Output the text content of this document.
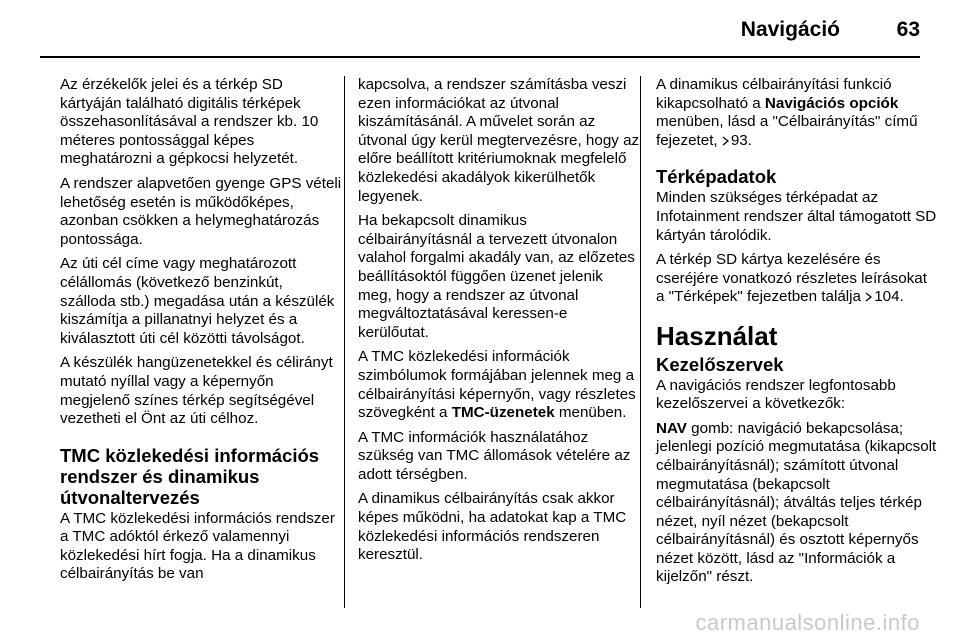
Navigáció	63

Az érzékelők jelei és a térkép SD kártyáján található digitális térképek összehasonlításával a rendszer kb. 10 méteres pontossággal képes meghatározni a gépkocsi helyzetét.

A rendszer alapvetően gyenge GPS vételi lehetőség esetén is működőképes, azonban csökken a helymeghatározás pontossága.

Az úti cél címe vagy meghatározott célállomás (következő benzinkút, szálloda stb.) megadása után a készülék kiszámítja a pillanatnyi helyzet és a kiválasztott úti cél közötti távolságot.

A készülék hangüzenetekkel és célirányt mutató nyíllal vagy a képernyőn megjelenő színes térkép segítségével vezetheti el Önt az úti célhoz.

TMC közlekedési információs rendszer és dinamikus útvonaltervezés

A TMC közlekedési információs rendszer a TMC adóktól érkező valamennyi közlekedési hírt fogja. Ha a dinamikus célbairányítás be van

kapcsolva, a rendszer számításba veszi ezen információkat az útvonal kiszámításánál. A művelet során az útvonal úgy kerül megtervezésre, hogy az előre beállított kritériumoknak megfelelő közlekedési akadályok kikerülhetők legyenek.

Ha bekapcsolt dinamikus célbairányításnál a tervezett útvonalon valahol forgalmi akadály van, az előzetes beállításoktól függően üzenet jelenik meg, hogy a rendszer az útvonal megváltoztatásával keressen-e kerülőutat.

A TMC közlekedési információk szimbólumok formájában jelennek meg a célbairányítási képernyőn, vagy részletes szövegként a TMC-üzenetek menüben.

A TMC információk használatához szükség van TMC állomások vételére az adott térségben.

A dinamikus célbairányítás csak akkor képes működni, ha adatokat kap a TMC közlekedési információs rendszeren keresztül.

A dinamikus célbairányítási funkció kikapcsolható a Navigációs opciók menüben, lásd a "Célbairányítás" című fejezetet, 93.

Térképadatok

Minden szükséges térképadat az Infotainment rendszer által támogatott SD kártyán tárolódik.

A térkép SD kártya kezelésére és cseréjére vonatkozó részletes leírásokat a "Térképek" fejezetben találja 104.

Használat
Kezelőszervek

A navigációs rendszer legfontosabb kezelőszervei a következők:

NAV gomb: navigáció bekapcsolása; jelenlegi pozíció megmutatása (kikapcsolt célbairányításnál); számított útvonal megmutatása (bekapcsolt célbairányításnál); átváltás teljes térkép nézet, nyíl nézet (bekapcsolt célbairányításnál) és osztott képernyős nézet között, lásd az "Információk a kijelzőn" részt.

carmanualsonline.info
